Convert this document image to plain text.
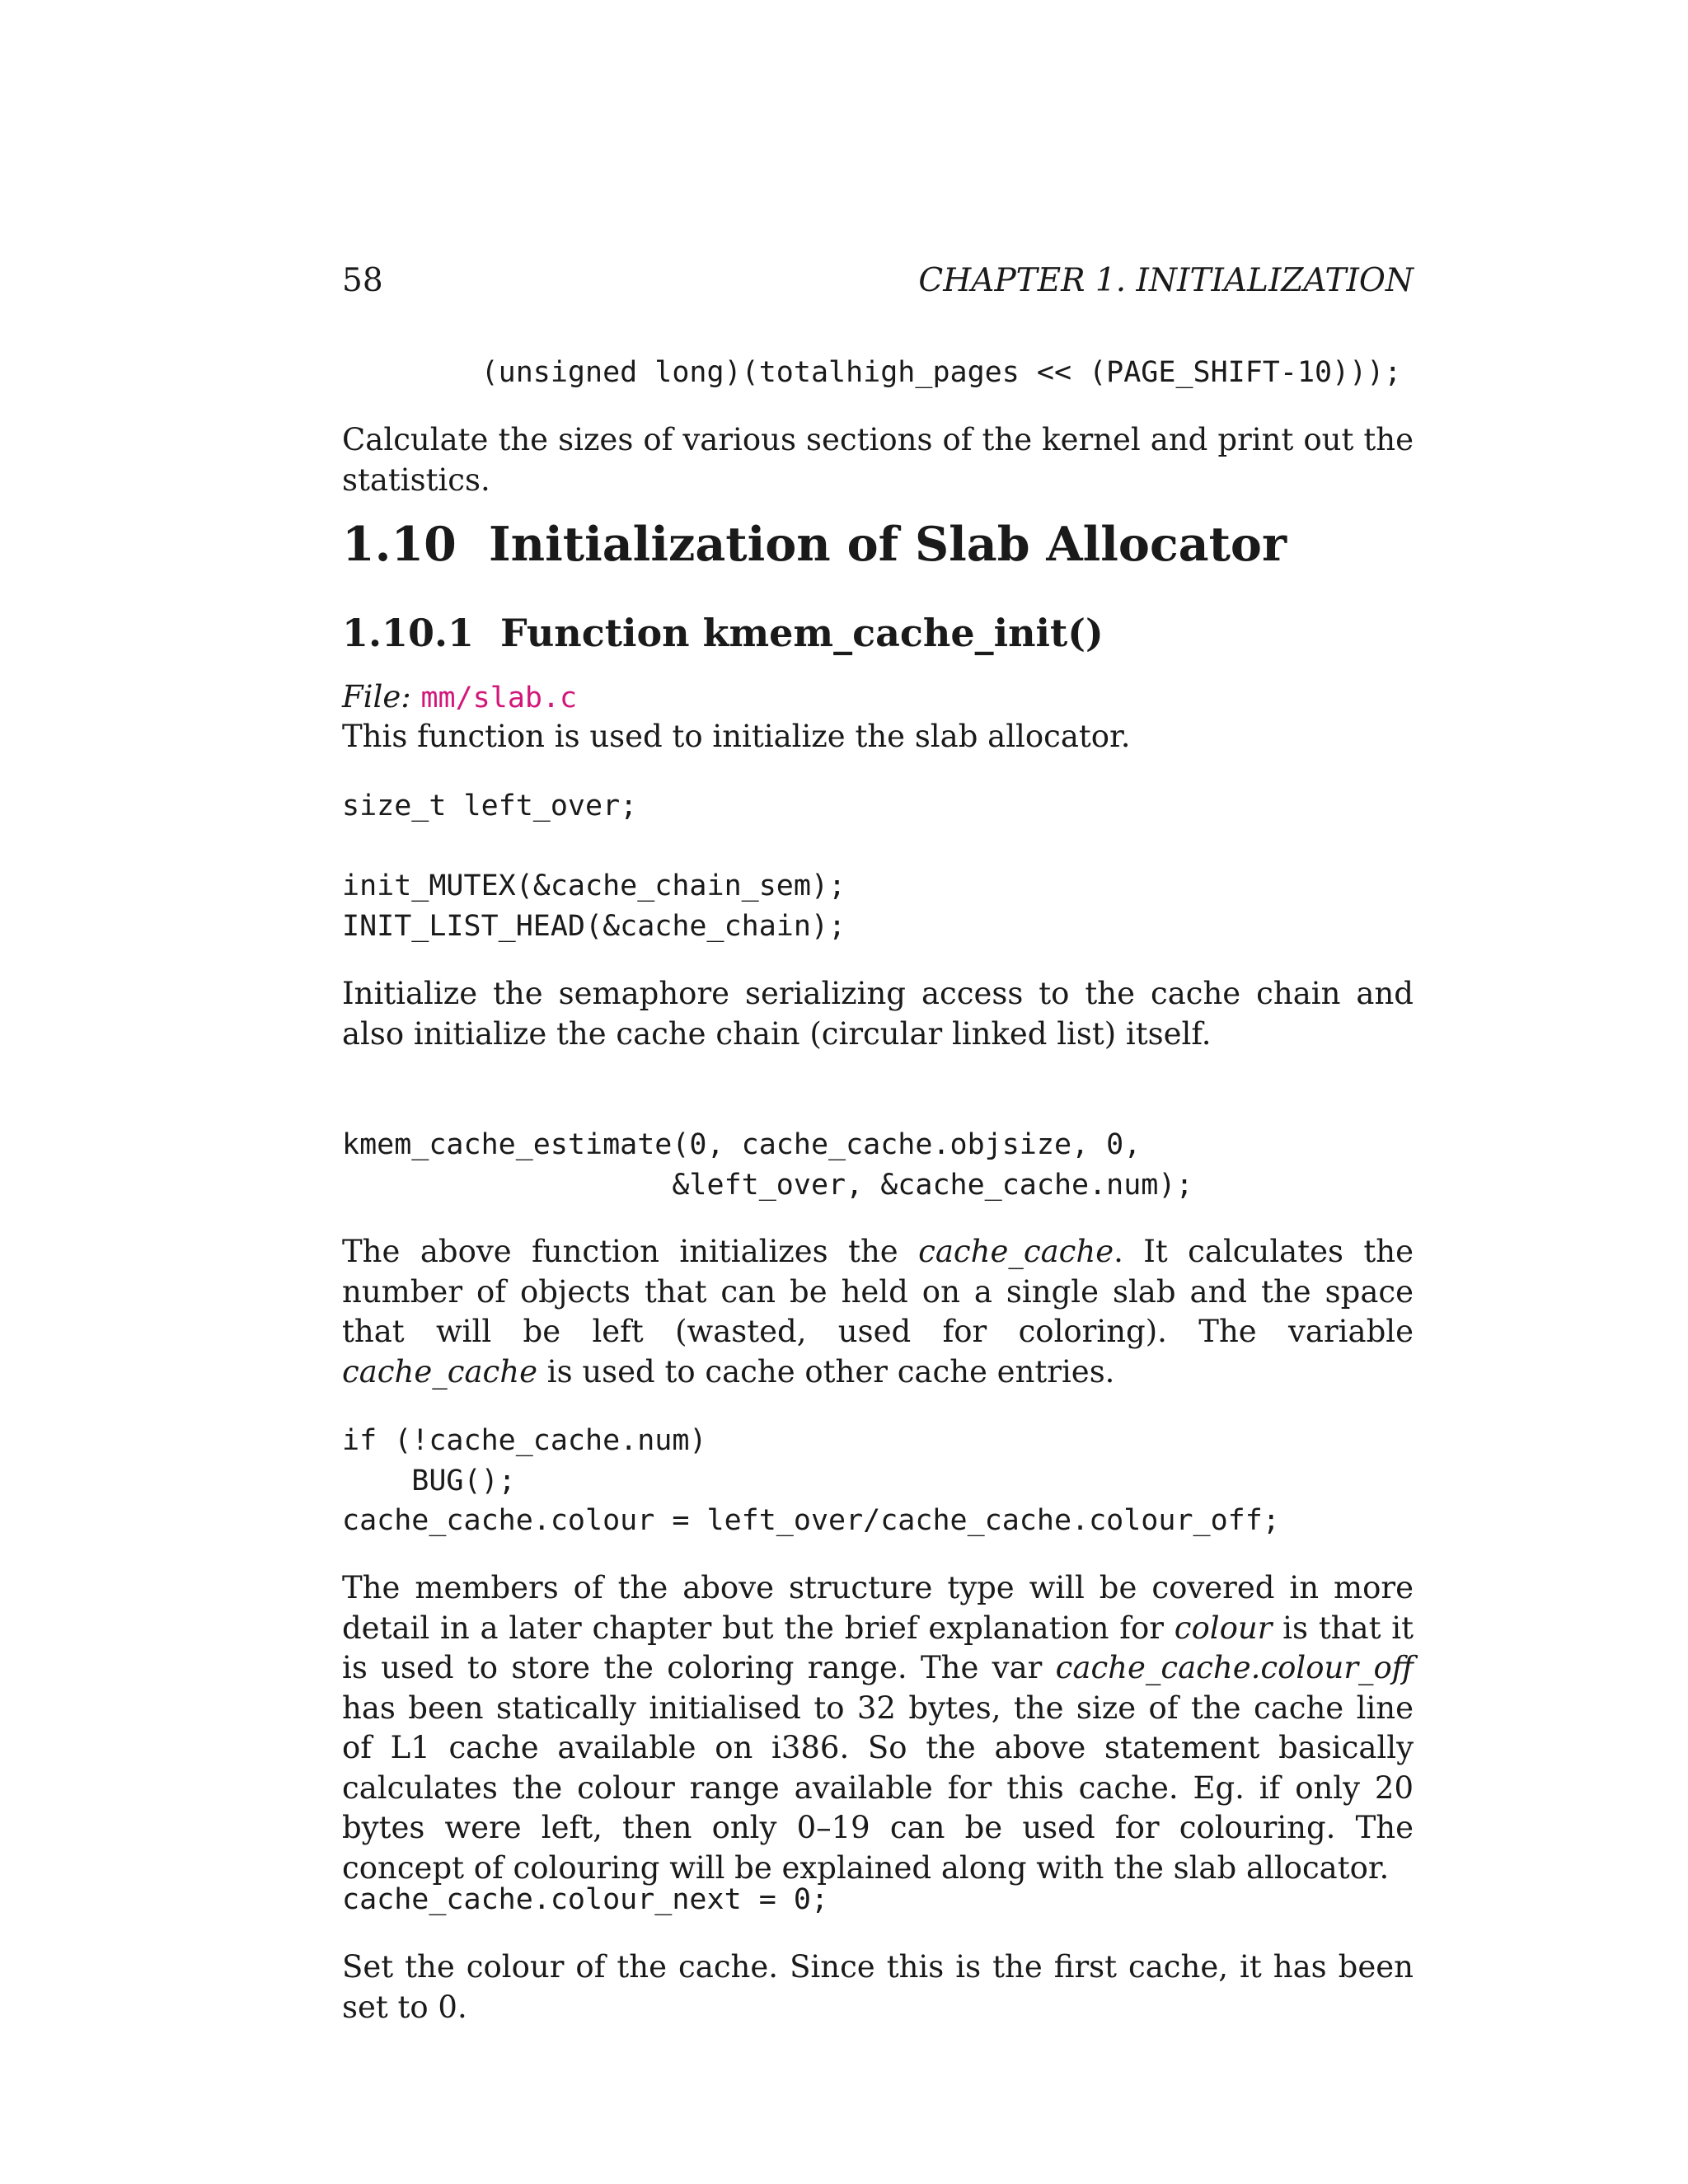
58	CHAPTER 1. INITIALIZATION
(unsigned long)(totalhigh_pages << (PAGE_SHIFT-10)));

Calculate the sizes of various sections of the kernel and print out the statistics.

1.10 Initialization of Slab Allocator
1.10.1 Function kmem_cache_init()

File: mm/slab.c

This function is used to initialize the slab allocator.

size_t left_over;

init_MUTEX(&cache_chain_sem);
INIT_LIST_HEAD(&cache_chain);

Initialize the semaphore serializing access to the cache chain and also initialize the cache chain (circular linked list) itself.

kmem_cache_estimate(0, cache_cache.objsize, 0,
&left_over, &cache_cache.num);

The above function initializes the cache_cache. It calculates the number of objects that can be held on a single slab and the space that will be left (wasted, used for coloring). The variable cache_cache is used to cache other cache entries.

if (!cache_cache.num)
BUG();
cache_cache.colour = left_over/cache_cache.colour_off;

The members of the above structure type will be covered in more detail in a later chapter but the brief explanation for colour is that it is used to store the coloring range. The var cache_cache.colour_off has been statically initialised to 32 bytes, the size of the cache line of L1 cache available on i386. So the above statement basically calculates the colour range available for this cache. Eg. if only 20 bytes were left, then only 0–19 can be used for colouring. The concept of colouring will be explained along with the slab allocator.

cache_cache.colour_next = 0;

Set the colour of the cache. Since this is the first cache, it has been set to 0.
